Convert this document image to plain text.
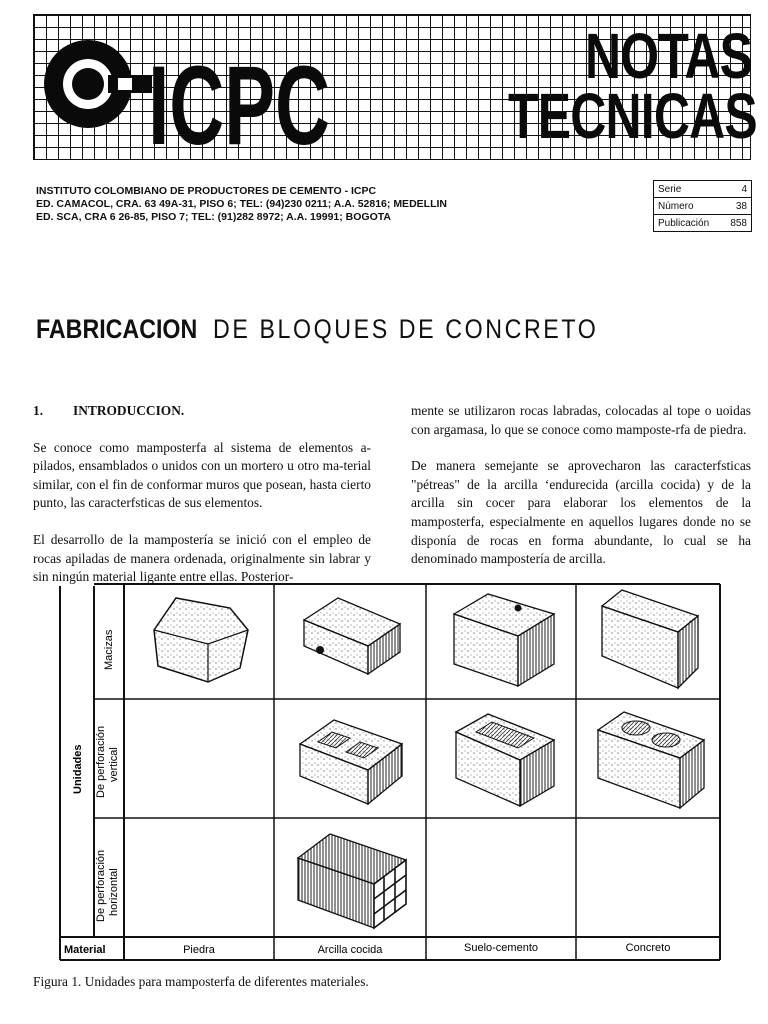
ICPC	NOTAS
TECNICAS
INSTITUTO COLOMBIANO DE PRODUCTORES DE CEMENTO - ICPC
ED. CAMACOL, CRA. 63 49A-31, PISO 6; TEL: (94)230 0211; A.A. 52816; MEDELLIN
ED. SCA, CRA 6 26-85, PISO 7; TEL: (91)282 8972; A.A. 19991; BOGOTA
Serie	4
Número	38
Publicación 858
FABRICACION DE BLOQUES DE CONCRETO

1. INTRODUCCION.

Se conoce como mamposterfa al sistema de elementos a-pilados, ensamblados o unidos con un mortero u otro ma-terial similar, con el fin de conformar muros que posean, hasta cierto punto, las caracterfsticas de sus elementos.

El desarrollo de la mampostería se inició con el empleo de rocas apiladas de manera ordenada, originalmente sin labrar y sin ningún material ligante entre ellas. Posterior-

mente se utilizaron rocas labradas, colocadas al tope o uoidas con argamasa, lo que se conoce como mamposte-rfa de piedra.

De manera semejante se aprovecharon las caracterfsticas "pétreas" de la arcilla ‘endurecida (arcilla cocida) y de la arcilla sin cocer para elaborar los elementos de la mamposterfa, especialmente en aquellos lugares donde no se disponía de rocas en forma abundante, lo cual se ha denominado mampostería de arcilla.

Unidades
Macizas
De perforación vertical
De perforación horizontal
Material	Piedra	Arcilla cocida	Suelo-cemento	Concreto
Figura 1. Unidades para mamposterfa de diferentes materiales.
